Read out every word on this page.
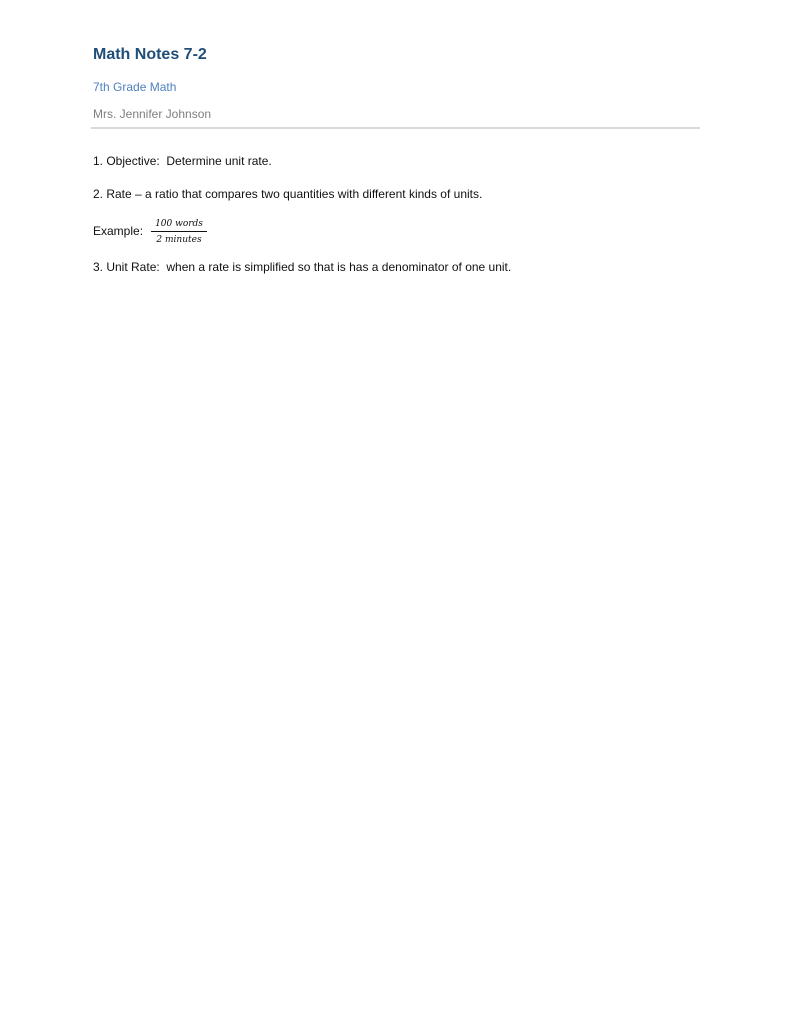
Math Notes 7-2
7th Grade Math
Mrs. Jennifer Johnson
1. Objective:  Determine unit rate.
2. Rate – a ratio that compares two quantities with different kinds of units.
Example:	100 words
2 minutes
3. Unit Rate:  when a rate is simplified so that is has a denominator of one unit.
